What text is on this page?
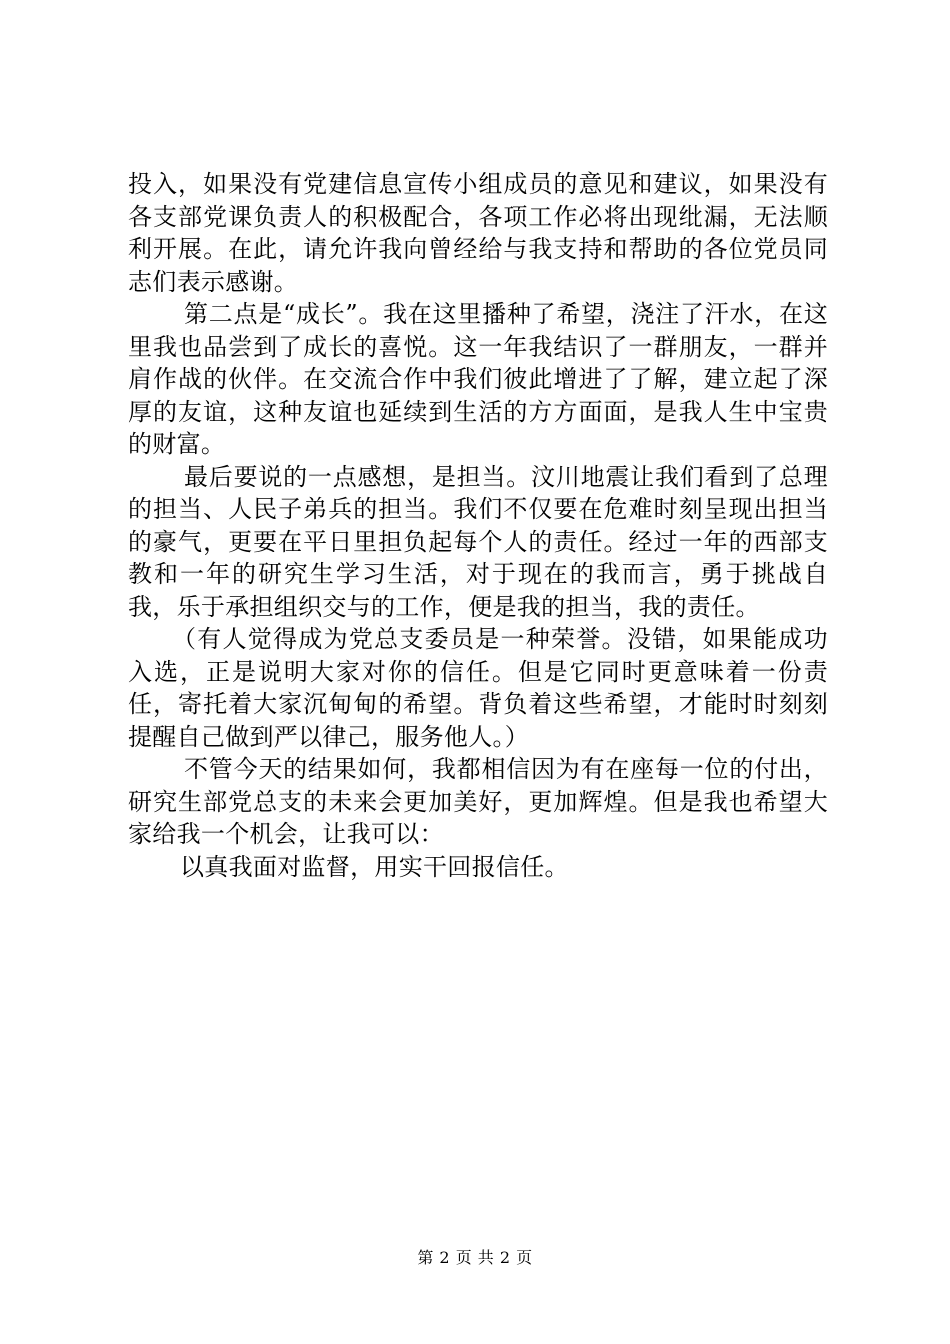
投入，如果没有党建信息宣传小组成员的意见和建议，如果没有各支部党课负责人的积极配合，各项工作必将出现纰漏，无法顺利开展。在此，请允许我向曾经给与我支持和帮助的各位党员同志们表示感谢。

第二点是“成长”。我在这里播种了希望，浇注了汗水，在这里我也品尝到了成长的喜悦。这一年我结识了一群朋友，一群并肩作战的伙伴。在交流合作中我们彼此增进了了解，建立起了深厚的友谊，这种友谊也延续到生活的方方面面，是我人生中宝贵的财富。

最后要说的一点感想，是担当。汶川地震让我们看到了总理的担当、人民子弟兵的担当。我们不仅要在危难时刻呈现出担当的豪气，更要在平日里担负起每个人的责任。经过一年的西部支教和一年的研究生学习生活，对于现在的我而言，勇于挑战自我，乐于承担组织交与的工作，便是我的担当，我的责任。

（有人觉得成为党总支委员是一种荣誉。没错，如果能成功入选，正是说明大家对你的信任。但是它同时更意味着一份责任，寄托着大家沉甸甸的希望。背负着这些希望，才能时时刻刻提醒自己做到严以律己，服务他人。）

不管今天的结果如何，我都相信因为有在座每一位的付出，研究生部党总支的未来会更加美好，更加辉煌。但是我也希望大家给我一个机会，让我可以：

以真我面对监督，用实干回报信任。

第 2 页 共 2 页
